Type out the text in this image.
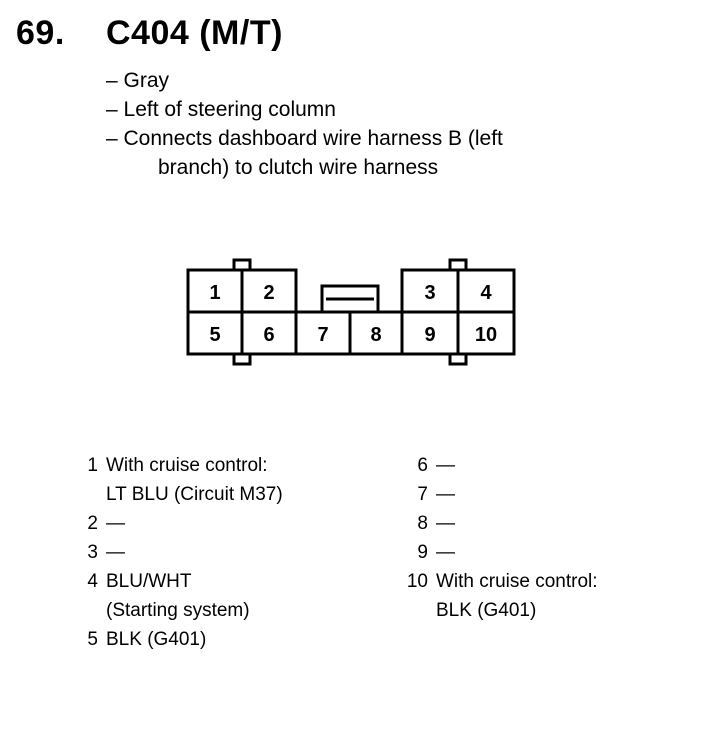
69. C404 (M/T)
– Gray
– Left of steering column
– Connects dashboard wire harness B (left
branch) to clutch wire harness
1 2	3 4
5 6 7 8 9 10
1 With cruise control:
LT BLU (Circuit M37)
2 —
3 —
4 BLU/WHT
(Starting system)
5 BLK (G401)
6 —
7 —
8 —
9 —
10 With cruise control:
BLK (G401)
